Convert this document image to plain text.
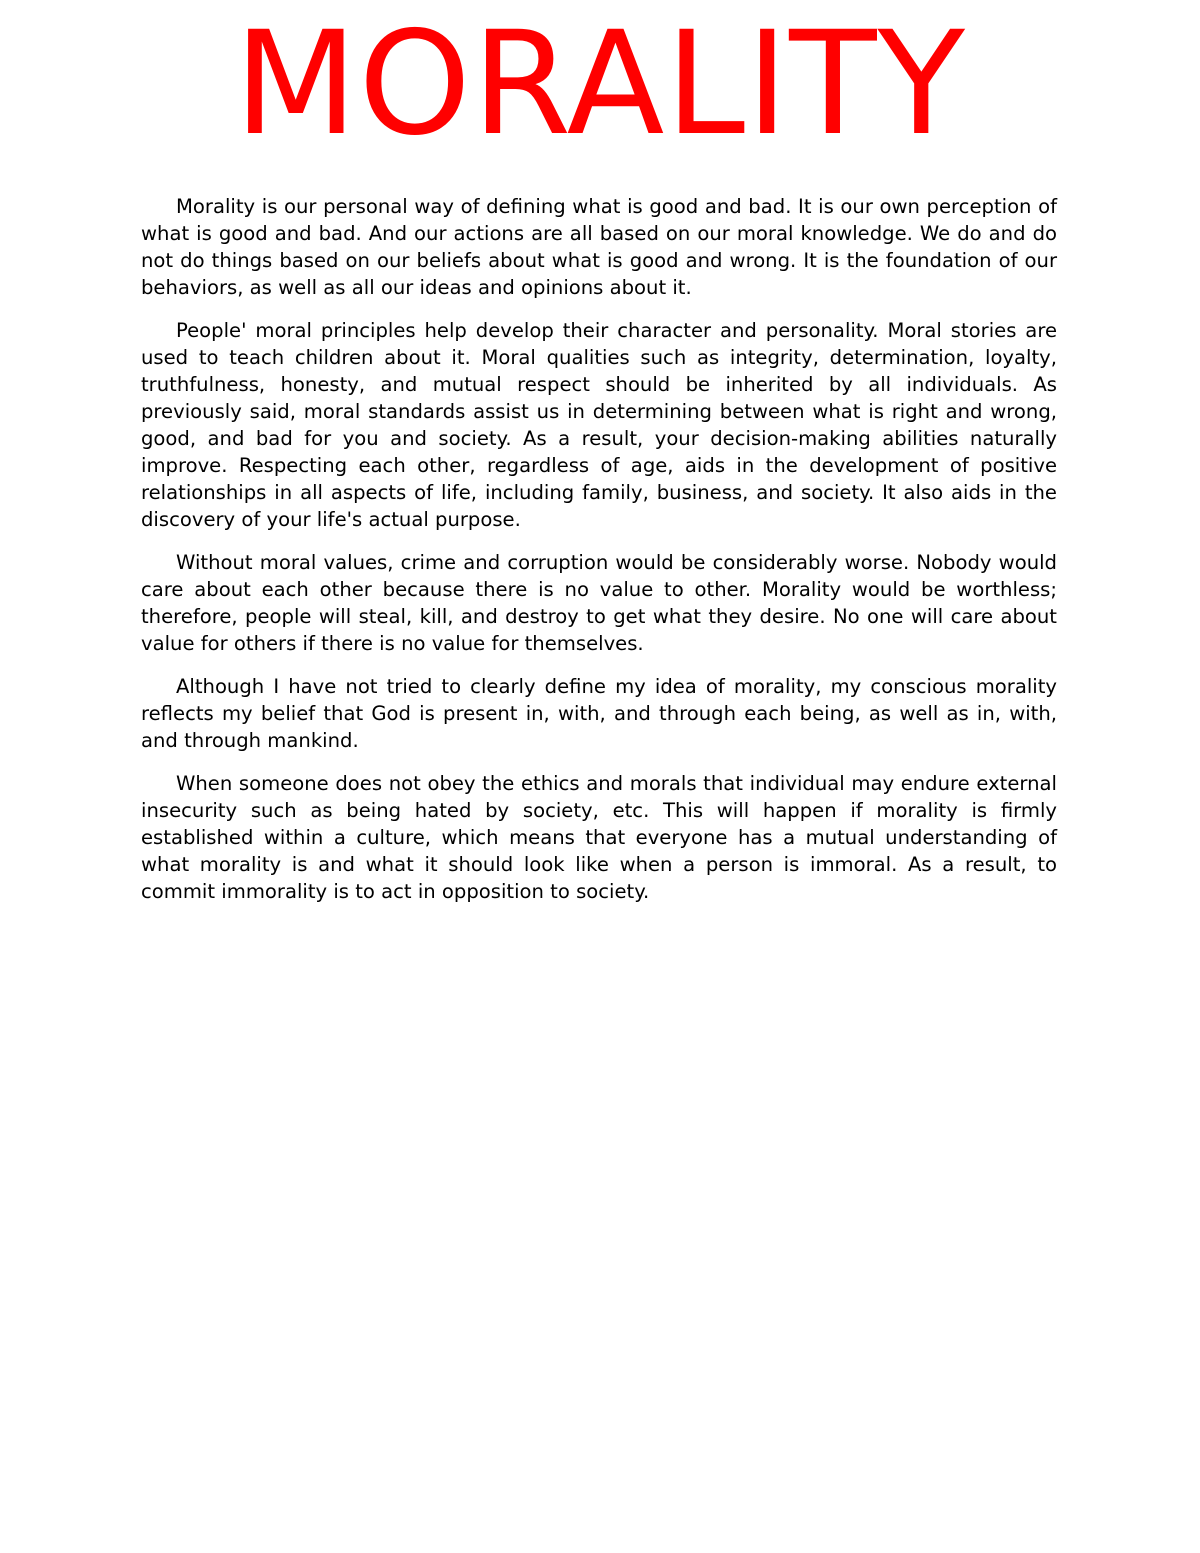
MORALITY

Morality is our personal way of defining what is good and bad. It is our own perception of what is good and bad. And our actions are all based on our moral knowledge. We do and do not do things based on our beliefs about what is good and wrong. It is the foundation of our behaviors, as well as all our ideas and opinions about it.

People' moral principles help develop their character and personality. Moral stories are used to teach children about it. Moral qualities such as integrity, determination, loyalty, truthfulness, honesty, and mutual respect should be inherited by all individuals. As previously said, moral standards assist us in determining between what is right and wrong, good, and bad for you and society. As a result, your decision-making abilities naturally improve. Respecting each other, regardless of age, aids in the development of positive relationships in all aspects of life, including family, business, and society. It also aids in the discovery of your life's actual purpose.

Without moral values, crime and corruption would be considerably worse. Nobody would care about each other because there is no value to other. Morality would be worthless; therefore, people will steal, kill, and destroy to get what they desire. No one will care about value for others if there is no value for themselves.

Although I have not tried to clearly define my idea of morality, my conscious morality reflects my belief that God is present in, with, and through each being, as well as in, with, and through mankind.

When someone does not obey the ethics and morals that individual may endure external insecurity such as being hated by society, etc. This will happen if morality is firmly established within a culture, which means that everyone has a mutual understanding of what morality is and what it should look like when a person is immoral. As a result, to commit immorality is to act in opposition to society.
